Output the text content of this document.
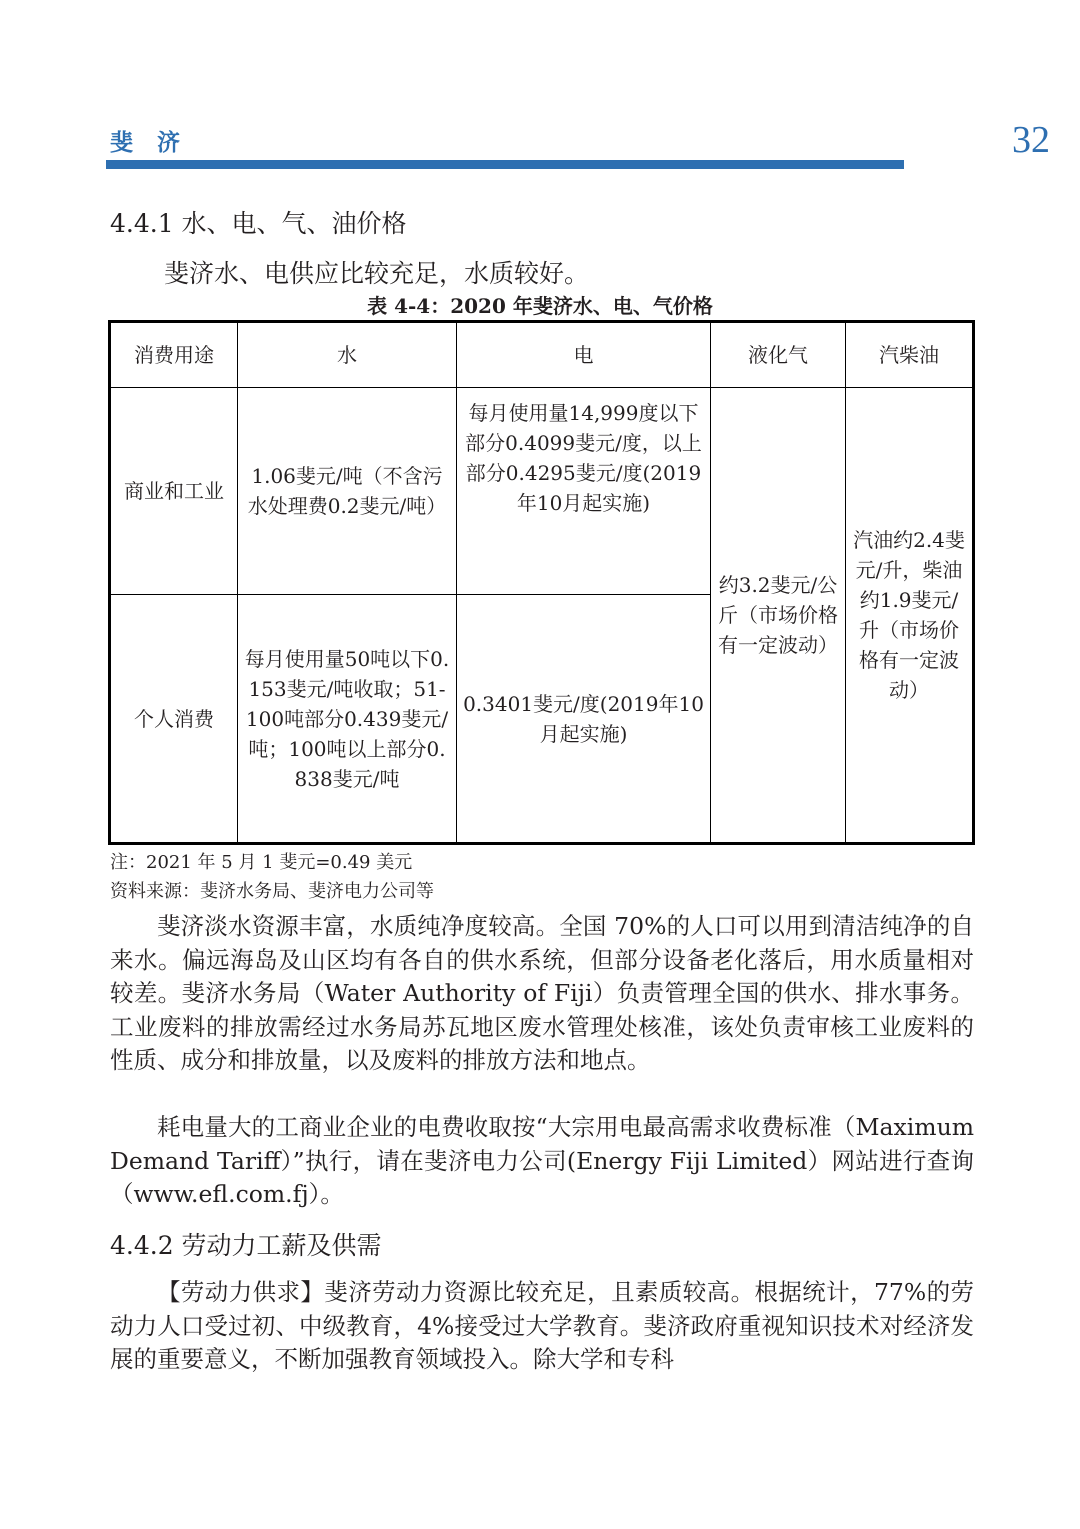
斐 济	32
4.4.1 水、电、气、油价格
斐济水、电供应比较充足，水质较好。
表 4-4：2020 年斐济水、电、气价格
消费用途	水	电	液化气	汽柴油
商业和工业	1.06斐元/吨（不含污水处理费0.2斐元/吨）	每月使用量14,999度以下部分0.4099斐元/度，以上部分0.4295斐元/度(2019年10月起实施)	约3.2斐元/公斤（市场价格有一定波动）	汽油约2.4斐元/升，柴油约1.9斐元/升（市场价格有一定波动）
个人消费	每月使用量50吨以下0.153斐元/吨收取；51-100吨部分0.439斐元/吨；100吨以上部分0.838斐元/吨	0.3401斐元/度(2019年10月起实施)		
注：2021 年 5 月 1 斐元=0.49 美元
资料来源：斐济水务局、斐济电力公司等

斐济淡水资源丰富，水质纯净度较高。全国 70%的人口可以用到清洁纯净的自来水。偏远海岛及山区均有各自的供水系统，但部分设备老化落后，用水质量相对较差。斐济水务局（Water Authority of Fiji）负责管理全国的供水、排水事务。工业废料的排放需经过水务局苏瓦地区废水管理处核准，该处负责审核工业废料的性质、成分和排放量，以及废料的排放方法和地点。

耗电量大的工商业企业的电费收取按“大宗用电最高需求收费标准（Maximum Demand Tariff）”执行，请在斐济电力公司(Energy Fiji Limited）网站进行查询（www.efl.com.fj）。

4.4.2 劳动力工薪及供需

【劳动力供求】斐济劳动力资源比较充足，且素质较高。根据统计，77%的劳动力人口受过初、中级教育，4%接受过大学教育。斐济政府重视知识技术对经济发展的重要意义，不断加强教育领域投入。除大学和专科
